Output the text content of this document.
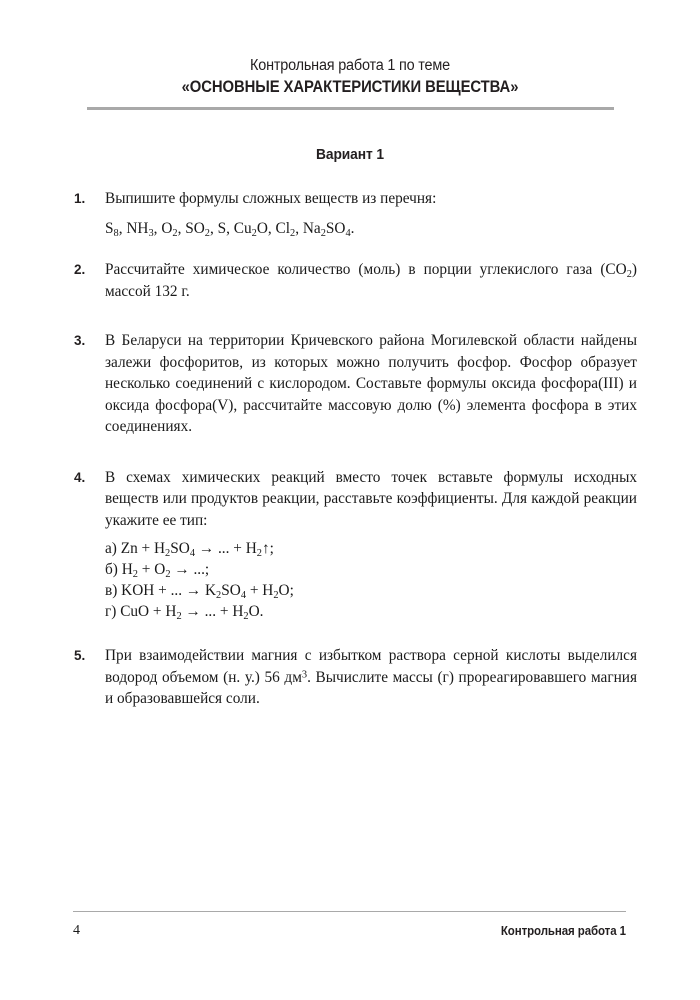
Контрольная работа 1 по теме
«ОСНОВНЫЕ ХАРАКТЕРИСТИКИ ВЕЩЕСТВА»
Вариант 1
1. Выпишите формулы сложных веществ из перечня:
$S_8$, $NH_3$, $O_2$, $SO_2$, S, $Cu_2O$, $Cl_2$, $Na_2SO_4$.
2. Рассчитайте химическое количество (моль) в порции углекислого газа $(CO_2)$ массой 132 г.
3. В Беларуси на территории Кричевского района Могилевской области найдены залежи фосфоритов, из которых можно получить фосфор. Фосфор образует несколько соединений с кислородом. Составьте формулы оксида фосфора(III) и оксида фосфора(V), рассчитайте массовую долю (%) элемента фосфора в этих соединениях.
4. В схемах химических реакций вместо точек вставьте формулы исходных веществ или продуктов реакции, расставьте коэффициенты. Для каждой реакции укажите ее тип:
а) $Zn + H_2SO_4$ → ... + $H_2↑$;
б) $H_2 + O_2$ → ...;
в) KOH + ... → $K_2SO_4 + H_2O$;
г) CuO + $H_2$ → ... + $H_2O$.
5. При взаимодействии магния с избытком раствора серной кислоты выделился водород объемом (н. у.) 56 $дм^3$. Вычислите массы (г) прореагировавшего магния и образовавшейся соли.
4	Контрольная работа 1
